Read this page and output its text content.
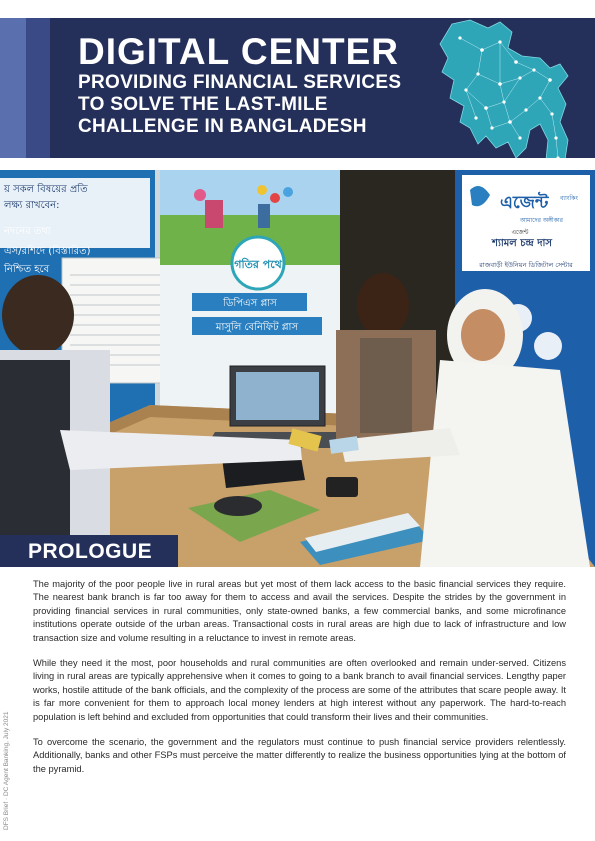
DIGITAL CENTER
PROVIDING FINANCIAL SERVICES
TO SOLVE THE LAST-MILE
CHALLENGE IN BANGLADESH
য় সকল বিষয়ের প্রতি
লক্ষ্য রাখবেন:
নদনের তথ্য
এস/রশিদে (বিস্তারিত)
নিশ্চিত হবে	গতির পথে
ডিপিএস প্লাস
মাসুলি বেনিফিট প্লাস
এজেন্ট ব্যাংকিং
আমাদের অঙ্গীকার
এজেন্ট
শ্যামল চন্দ্র দাস
রাজবাড়ী ইউনিয়ন ডিজিটাল সেন্টার
PROLOGUE
DFS Brief · DC Agent Banking, July 2021

The majority of the poor people live in rural areas but yet most of them lack access to the basic financial services they require. The nearest bank branch is far too away for them to access and avail the services. Despite the strides by the government in providing financial services in rural communities, only state-owned banks, a few commercial banks, and some microfinance institutions operate outside of the urban areas. Transactional costs in rural areas are high due to lack of infrastructure and low transaction size and volume resulting in a reluctance to invest in remote areas.

While they need it the most, poor households and rural communities are often overlooked and remain under-served. Citizens living in rural areas are typically apprehensive when it comes to going to a bank branch to avail financial services. Lengthy paper works, hostile attitude of the bank officials, and the complexity of the process are some of the attributes that scare people away. It is far more convenient for them to approach local money lenders at high interest without any paperwork. The hard-to-reach population is left behind and excluded from opportunities that could transform their lives and their communities.

To overcome the scenario, the government and the regulators must continue to push financial service providers relentlessly. Additionally, banks and other FSPs must perceive the matter differently to realize the business opportunities lying at the bottom of the pyramid.
